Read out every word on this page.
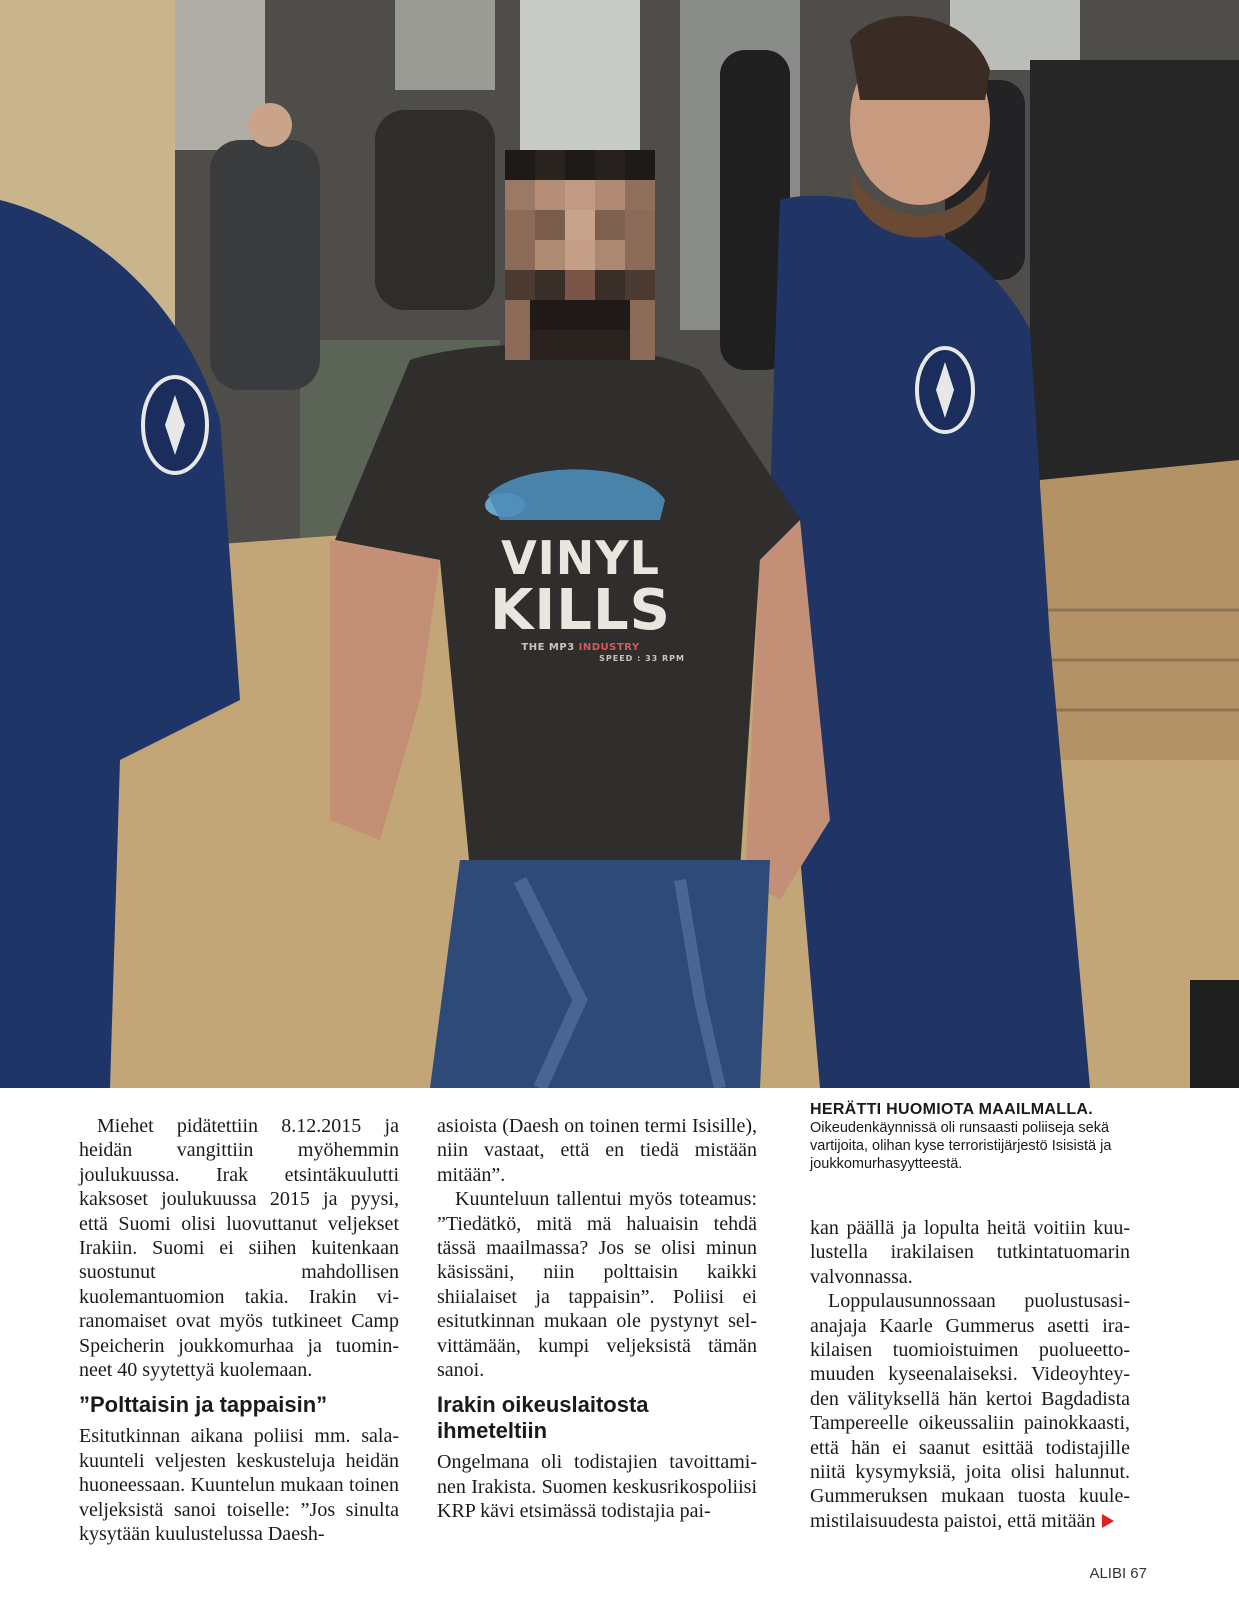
VINYL
KILLS
THE MP3 INDUSTRY
SPEED : 33 RPM

Miehet pidätettiin 8.12.2015 ja heidän vangittiin myöhemmin joulukuussa. Irak etsintäkuulutti kaksoset joulukuussa 2015 ja pyysi, että Suomi olisi luovuttanut veljekset Irakiin. Suomi ei siihen kuitenkaan suostunut mahdollisen kuolemantuomion takia. Irakin viranomaiset ovat myös tutkineet Camp Speicherin joukkomurhaa ja tuominneet 40 syytettyä kuolemaan.

”Polttaisin ja tappaisin”

Esitutkinnan aikana poliisi mm. salakuunteli veljesten keskusteluja heidän huoneessaan. Kuuntelun mukaan toinen veljeksistä sanoi toiselle: ”Jos sinulta kysytään kuulustelussa Daesh-

asioista (Daesh on toinen termi Isisille), niin vastaat, että en tiedä mistään mitään”.

Kuunteluun tallentui myös toteamus: ”Tiedätkö, mitä mä haluaisin tehdä tässä maailmassa? Jos se olisi minun käsissäni, niin polttaisin kaikki shiialaiset ja tappaisin”. Poliisi ei esitutkinnan mukaan ole pystynyt selvittämään, kumpi veljeksistä tämän sanoi.

Irakin oikeuslaitosta ihmeteltiin

Ongelmana oli todistajien tavoittaminen Irakista. Suomen keskusrikospoliisi KRP kävi etsimässä todistajia pai-

HERÄTTI HUOMIOTA MAAILMALLA.
Oikeudenkäynnissä oli runsaasti poliiseja sekä vartijoita, olihan kyse terroristijärjestö Isisistä ja joukkomurhasyytteestä.

kan päällä ja lopulta heitä voitiin kuulustella irakilaisen tutkintatuomarin valvonnassa.

Loppulausunnossaan puolustusasianajaja Kaarle Gummerus asetti irakilaisen tuomioistuimen puolueettomuuden kyseenalaiseksi. Videoyhteyden välityksellä hän kertoi Bagdadista Tampereelle oikeussaliin painokkaasti, että hän ei saanut esittää todistajille niitä kysymyksiä, joita olisi halunnut. Gummeruksen mukaan tuosta kuulemistilaisuudesta paistoi, että mitään

ALIBI 67
